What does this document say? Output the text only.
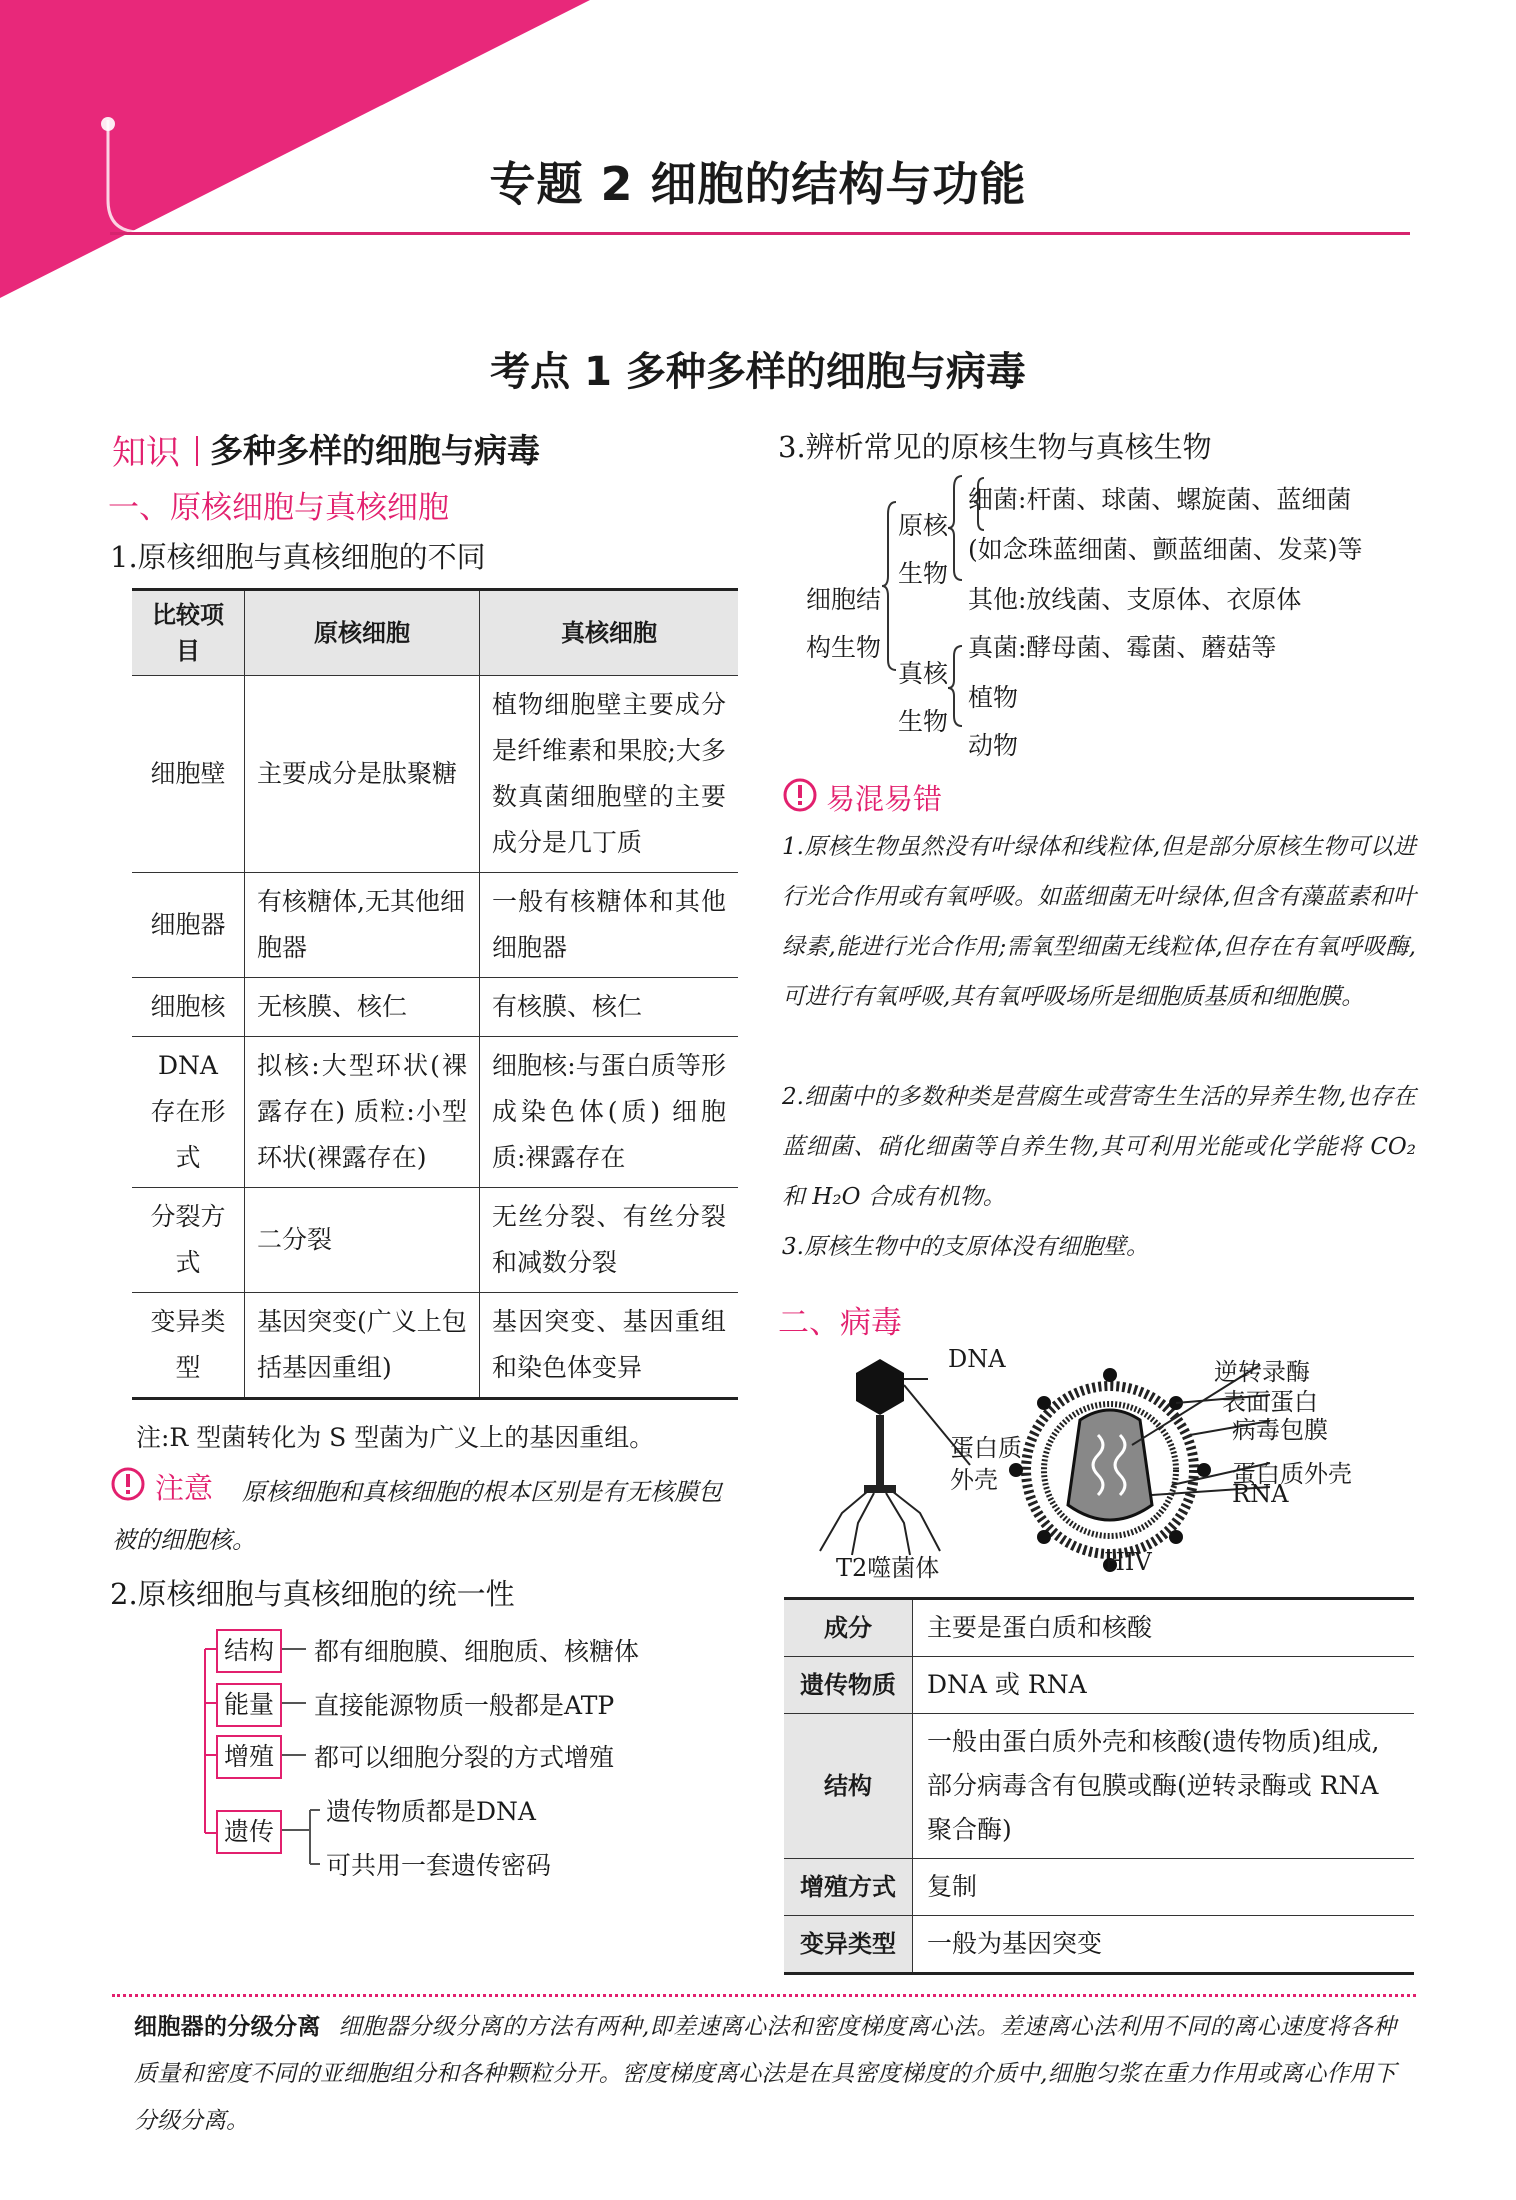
专题 2 细胞的结构与功能
考点 1 多种多样的细胞与病毒
知识 多种多样的细胞与病毒
一、原核细胞与真核细胞
1.原核细胞与真核细胞的不同
比较项目	原核细胞	真核细胞
细胞壁	主要成分是肽聚糖	植物细胞壁主要成分是纤维素和果胶;大多数真菌细胞壁的主要成分是几丁质
细胞器	有核糖体,无其他细胞器	一般有核糖体和其他细胞器
细胞核	无核膜、核仁	有核膜、核仁
DNA 存在形式	拟核:大型环状(裸露存在) 质粒:小型环状(裸露存在)	细胞核:与蛋白质等形成染色体(质) 细胞质:裸露存在
分裂方式	二分裂	无丝分裂、有丝分裂和减数分裂
变异类型	基因突变(广义上包括基因重组)	基因突变、基因重组和染色体变异
注:R 型菌转化为 S 型菌为广义上的基因重组。
注意	原核细胞和真核细胞的根本区别是有无核膜包被的细胞核。
2.原核细胞与真核细胞的统一性
结构
能量
增殖
遗传
都有细胞膜、细胞质、核糖体
直接能源物质一般都是ATP
都可以细胞分裂的方式增殖
遗传物质都是DNA
可共用一套遗传密码
3.辨析常见的原核生物与真核生物
细胞结
构生物
原核
生物
真核
生物
细菌:杆菌、球菌、螺旋菌、蓝细菌
(如念珠蓝细菌、颤蓝细菌、发菜)等
其他:放线菌、支原体、衣原体
真菌:酵母菌、霉菌、蘑菇等
植物
动物
易混易错
1.原核生物虽然没有叶绿体和线粒体,但是部分原核生物可以进行光合作用或有氧呼吸。如蓝细菌无叶绿体,但含有藻蓝素和叶绿素,能进行光合作用;需氧型细菌无线粒体,但存在有氧呼吸酶,可进行有氧呼吸,其有氧呼吸场所是细胞质基质和细胞膜。
2.细菌中的多数种类是营腐生或营寄生生活的异养生物,也存在蓝细菌、硝化细菌等自养生物,其可利用光能或化学能将 CO₂和 H₂O 合成有机物。
3.原核生物中的支原体没有细胞壁。
二、病毒
DNA
蛋白质
外壳
T2噬菌体
逆转录酶
表面蛋白
病毒包膜
蛋白质外壳
RNA
HIV
成分	主要是蛋白质和核酸
遗传物质	DNA 或 RNA
结构	一般由蛋白质外壳和核酸(遗传物质)组成,部分病毒含有包膜或酶(逆转录酶或 RNA 聚合酶)
增殖方式	复制
变异类型	一般为基因突变
细胞器的分级分离 细胞器分级分离的方法有两种,即差速离心法和密度梯度离心法。差速离心法利用不同的离心速度将各种质量和密度不同的亚细胞组分和各种颗粒分开。密度梯度离心法是在具密度梯度的介质中,细胞匀浆在重力作用或离心作用下分级分离。
